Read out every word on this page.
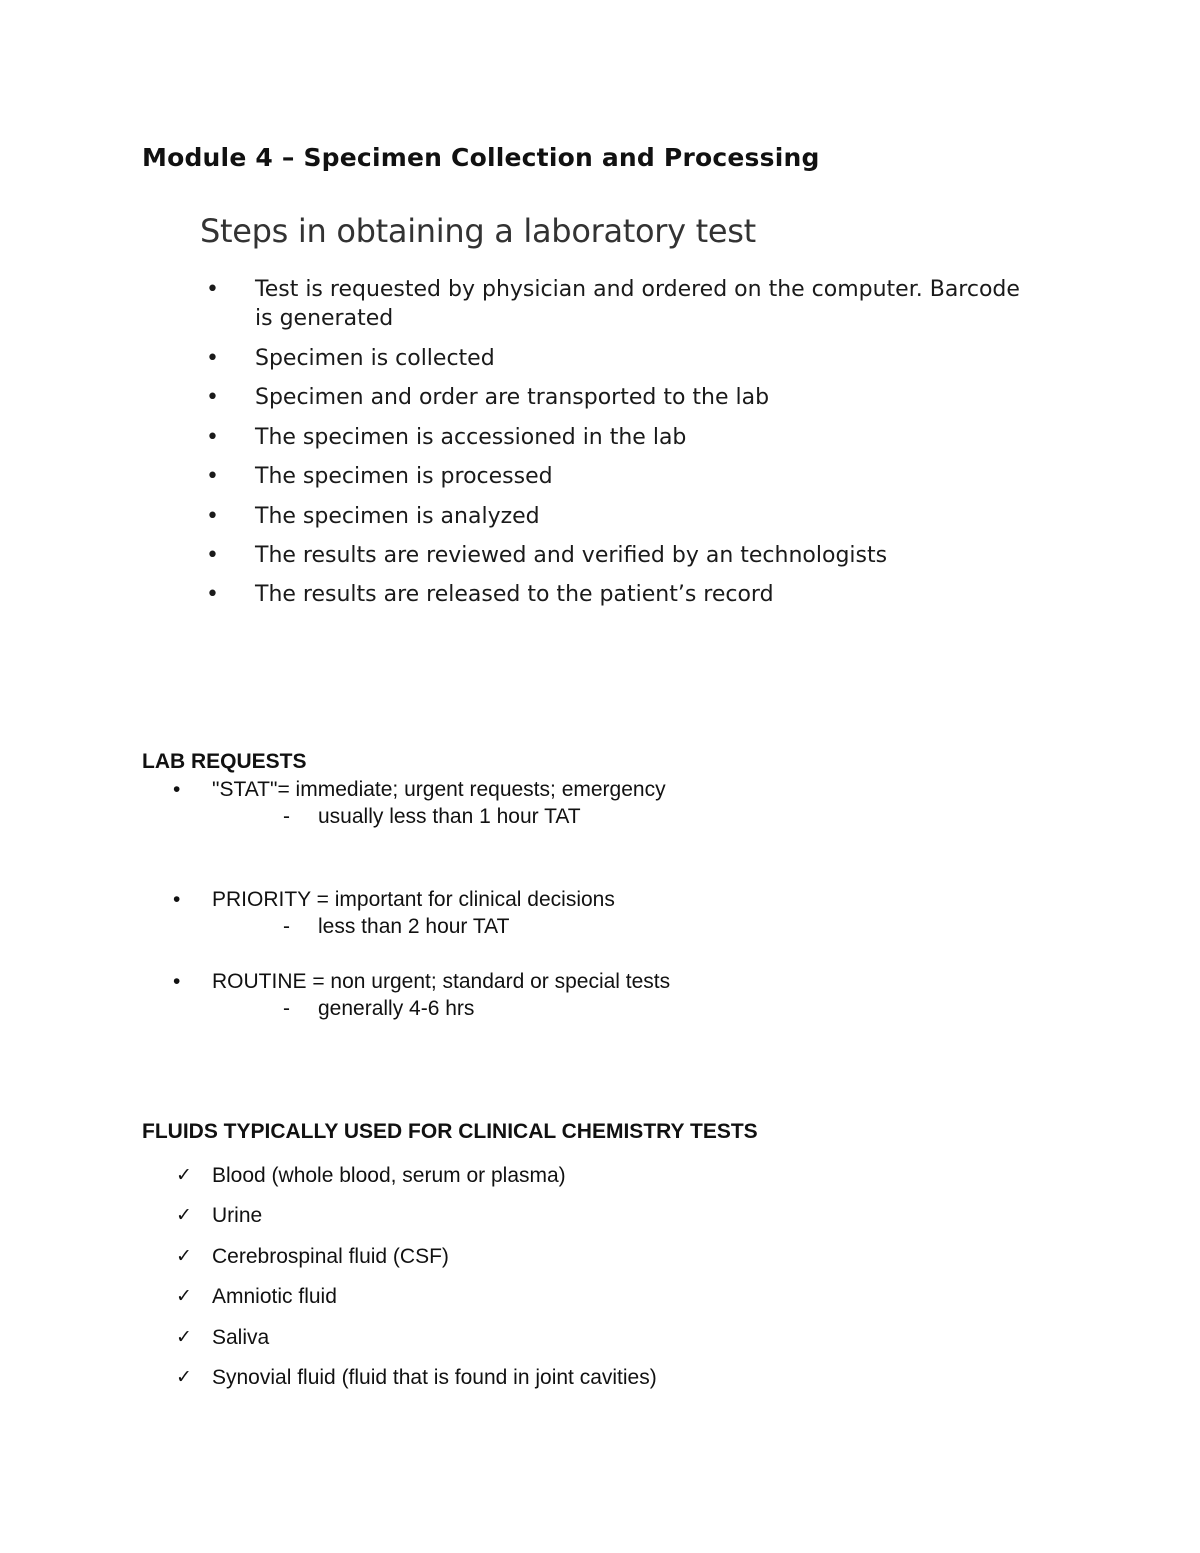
Module 4 – Specimen Collection and Processing
Steps in obtaining a laboratory test
• Test is requested by physician and ordered on the computer. Barcode is generated
• Specimen is collected
• Specimen and order are transported to the lab
• The specimen is accessioned in the lab
• The specimen is processed
• The specimen is analyzed
• The results are reviewed and verified by an technologists
• The results are released to the patient’s record
LAB REQUESTS
• "STAT"= immediate; urgent requests; emergency
- usually less than 1 hour TAT
• PRIORITY = important for clinical decisions
- less than 2 hour TAT
• ROUTINE = non urgent; standard or special tests
- generally 4-6 hrs
FLUIDS TYPICALLY USED FOR CLINICAL CHEMISTRY TESTS
✓ Blood (whole blood, serum or plasma)
✓ Urine
✓ Cerebrospinal fluid (CSF)
✓ Amniotic fluid
✓ Saliva
✓ Synovial fluid (fluid that is found in joint cavities)
